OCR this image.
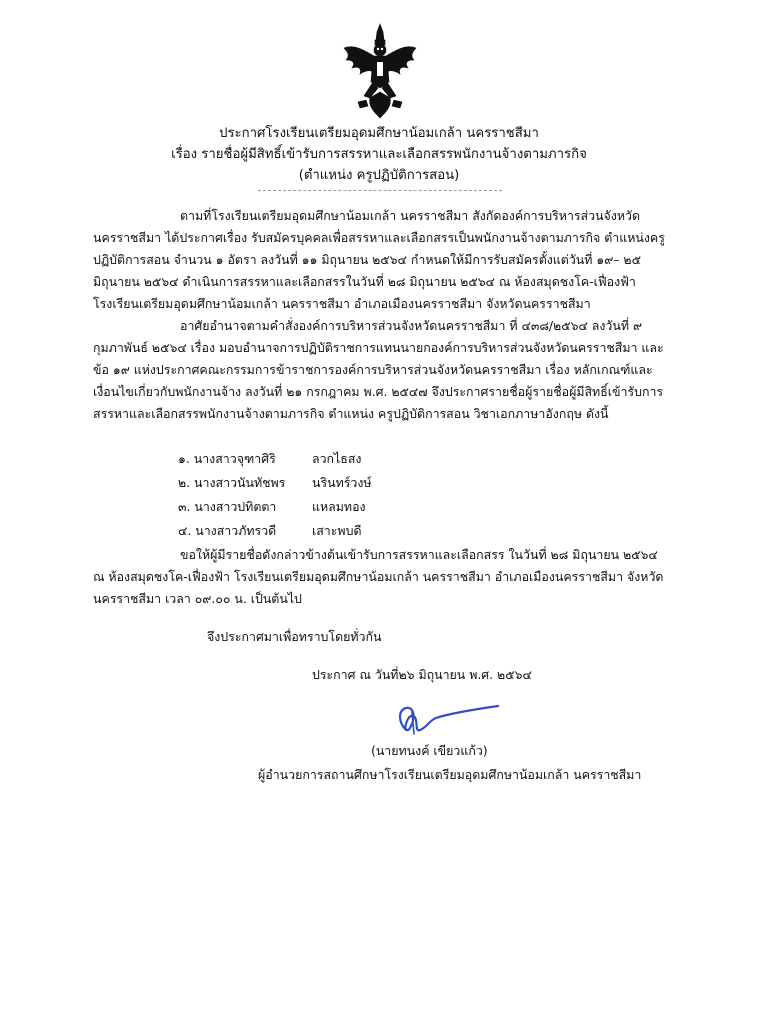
ประกาศโรงเรียนเตรียมอุดมศึกษาน้อมเกล้า นครราชสีมา
เรื่อง รายชื่อผู้มีสิทธิ์เข้ารับการสรรหาและเลือกสรรพนักงานจ้างตามภารกิจ
(ตำแหน่ง ครูปฏิบัติการสอน)
ตามที่โรงเรียนเตรียมอุดมศึกษาน้อมเกล้า นครราชสีมา สังกัดองค์การบริหารส่วนจังหวัด
นครราชสีมา ได้ประกาศเรื่อง รับสมัครบุคคลเพื่อสรรหาและเลือกสรรเป็นพนักงานจ้างตามภารกิจ ตำแหน่งครู
ปฏิบัติการสอน จำนวน ๑ อัตรา ลงวันที่ ๑๑ มิถุนายน ๒๕๖๔ กำหนดให้มีการรับสมัครตั้งแต่วันที่ ๑๙– ๒๕
มิถุนายน ๒๕๖๔ ดำเนินการสรรหาและเลือกสรรในวันที่ ๒๘ มิถุนายน ๒๕๖๔ ณ ห้องสมุดชงโค-เฟื่องฟ้า
โรงเรียนเตรียมอุดมศึกษาน้อมเกล้า นครราชสีมา อำเภอเมืองนครราชสีมา จังหวัดนครราชสีมา
อาศัยอำนาจตามคำสั่งองค์การบริหารส่วนจังหวัดนครราชสีมา ที่ ๔๓๘/๒๕๖๔ ลงวันที่ ๙
กุมภาพันธ์ ๒๕๖๔ เรื่อง มอบอำนาจการปฏิบัติราชการแทนนายกองค์การบริหารส่วนจังหวัดนครราชสีมา และ
ข้อ ๑๙ แห่งประกาศคณะกรรมการข้าราชการองค์การบริหารส่วนจังหวัดนครราชสีมา เรื่อง หลักเกณฑ์และ
เงื่อนไขเกี่ยวกับพนักงานจ้าง ลงวันที่ ๒๑ กรกฎาคม พ.ศ. ๒๕๔๗ จึงประกาศรายชื่อผู้รายชื่อผู้มีสิทธิ์เข้ารับการ
สรรหาและเลือกสรรพนักงานจ้างตามภารกิจ ตำแหน่ง ครูปฏิบัติการสอน วิชาเอกภาษาอังกฤษ ดังนี้
๑. นางสาวจุฑาศิริ	ลวกไธสง
๒. นางสาวนันทัชพร	นรินทร์วงษ์
๓. นางสาวปทิตตา	แหลมทอง
๔. นางสาวภัทรวดี	เสาะพบดี
ขอให้ผู้มีรายชื่อดังกล่าวข้างต้นเข้ารับการสรรหาและเลือกสรร ในวันที่ ๒๘ มิถุนายน ๒๕๖๔
ณ ห้องสมุดชงโค-เฟื่องฟ้า โรงเรียนเตรียมอุดมศึกษาน้อมเกล้า นครราชสีมา อำเภอเมืองนครราชสีมา จังหวัด
นครราชสีมา เวลา ๐๙.๐๐ น. เป็นต้นไป
จึงประกาศมาเพื่อทราบโดยทั่วกัน
ประกาศ ณ วันที่๒๖ มิถุนายน พ.ศ. ๒๕๖๔
(นายทนงค์ เขียวแก้ว)
ผู้อำนวยการสถานศึกษาโรงเรียนเตรียมอุดมศึกษาน้อมเกล้า นครราชสีมา
